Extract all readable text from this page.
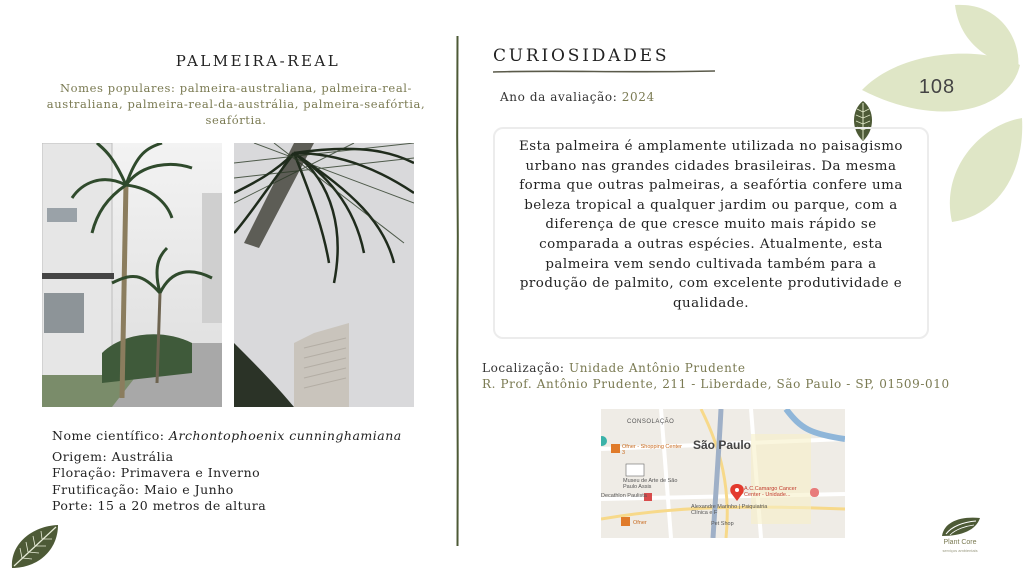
108
PALMEIRA-REAL
Nomes populares: palmeira-australiana, palmeira-real-australiana, palmeira-real-da-austrália, palmeira-seafórtia, seafórtia.
Nome científico: Archontophoenix cunninghamiana
Origem: Austrália
Floração: Primavera e Inverno
Frutificação: Maio e Junho
Porte: 15 a 20 metros de altura
CURIOSIDADES
Ano da avaliação: 2024

Esta palmeira é amplamente utilizada no paisagismo urbano nas grandes cidades brasileiras. Da mesma forma que outras palmeiras, a seafórtia confere uma beleza tropical a qualquer jardim ou parque, com a diferença de que cresce muito mais rápido se comparada a outras espécies. Atualmente, esta palmeira vem sendo cultivada também para a produção de palmito, com excelente produtividade e qualidade.

Localização: Unidade Antônio Prudente
R. Prof. Antônio Prudente, 211 - Liberdade, São Paulo - SP, 01509-010
CONSOLAÇÃO
São Paulo
Ofner - Shopping Center 3
Museu de Arte de São Paulo Assis
Decathlon Paulista
Alexandre Marinho | Psiquiatria Clínica e F
A.C.Camargo Cancer Center - Unidade...
Ofner	Pet Shop
Plant Core
serviços ambientais
